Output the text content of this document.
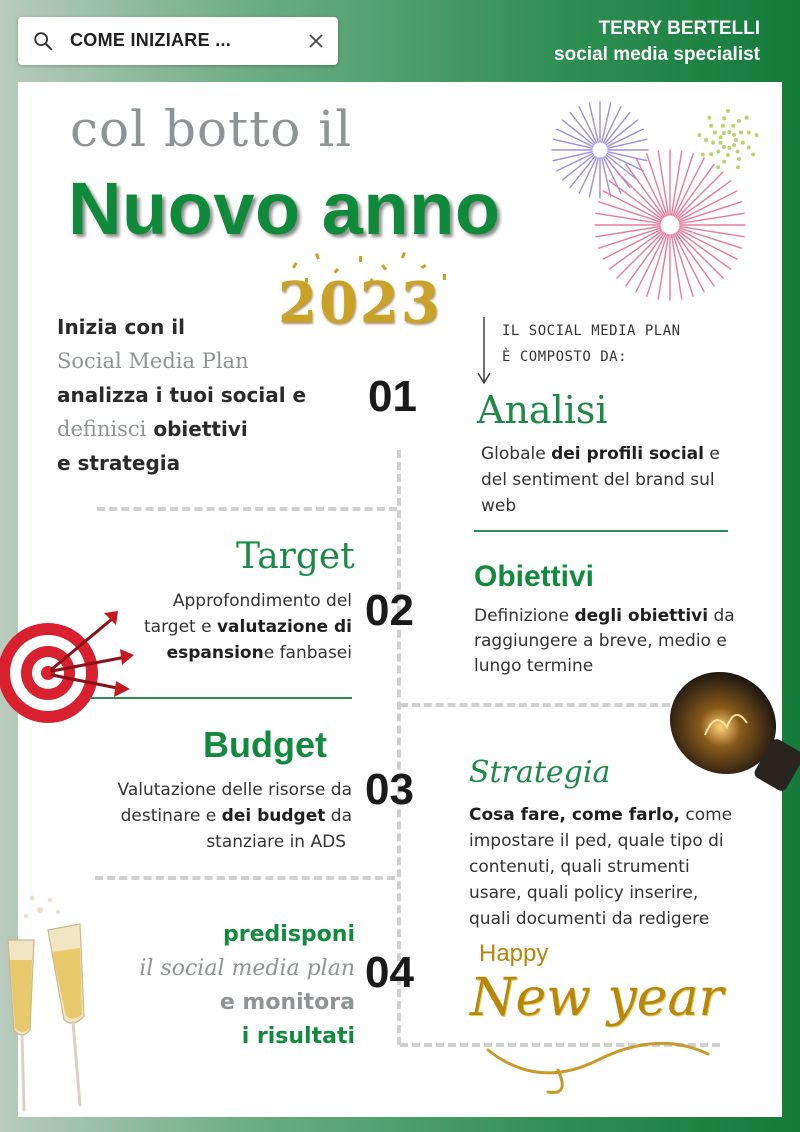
COME INIZIARE ...
TERRY BERTELLI
social media specialist
col botto il
Nuovo anno
2023
Inizia con il
Social Media Plan
analizza i tuoi social e
definisci obiettivi
e strategia
IL SOCIAL MEDIA PLAN
È COMPOSTO DA:
01
02
03
04
Analisi
Globale dei profili social e
del sentiment del brand sul
web
Target
Approfondimento del
target e valutazione di
espansione fanbasei
Obiettivi
Definizione degli obiettivi da
raggiungere a breve, medio e
lungo termine
Budget
Valutazione delle risorse da
destinare e dei budget da
stanziare in ADS
Strategia
Cosa fare, come farlo, come
impostare il ped, quale tipo di
contenuti, quali strumenti
usare, quali policy inserire,
quali documenti da redigere
predisponi
il social media plan
e monitora
i risultati
Happy
New year
